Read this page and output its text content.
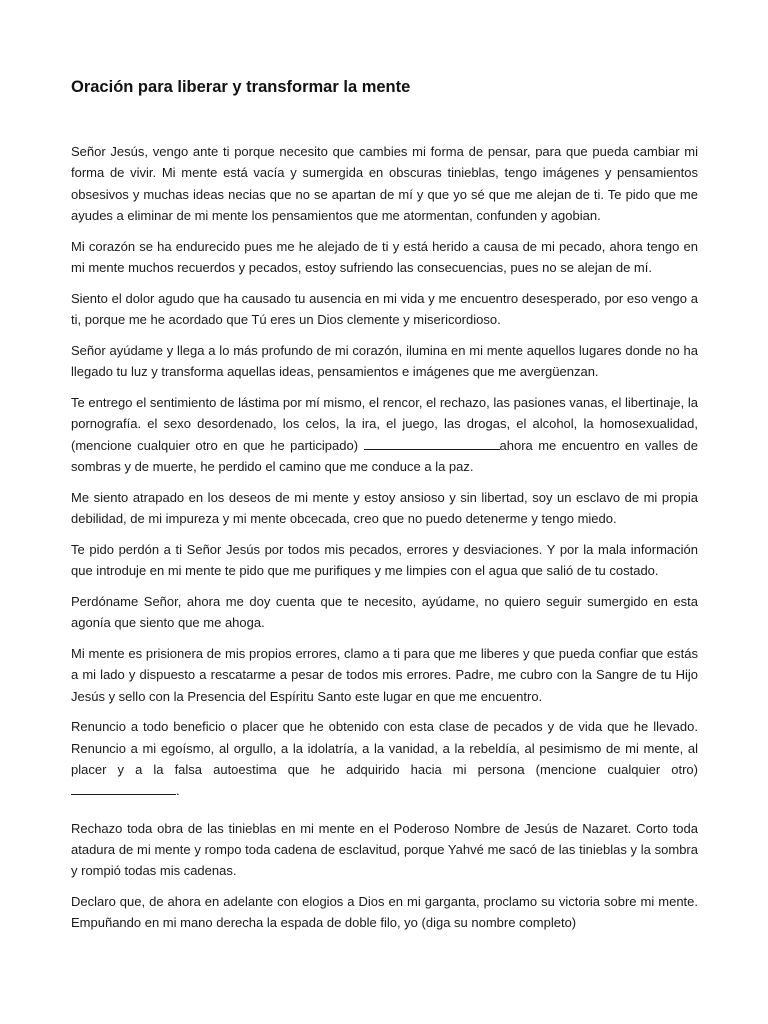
Oración para liberar y transformar la mente

Señor Jesús, vengo ante ti porque necesito que cambies mi forma de pensar, para que pueda cambiar mi forma de vivir. Mi mente está vacía y sumergida en obscuras tinieblas, tengo imágenes y pensamientos obsesivos y muchas ideas necias que no se apartan de mí y que yo sé que me alejan de ti. Te pido que me ayudes a eliminar de mi mente los pensamientos que me atormentan, confunden y agobian.

Mi corazón se ha endurecido pues me he alejado de ti y está herido a causa de mi pecado, ahora tengo en mi mente muchos recuerdos y pecados, estoy sufriendo las consecuencias, pues no se alejan de mí.

Siento el dolor agudo que ha causado tu ausencia en mi vida y me encuentro desesperado, por eso vengo a ti, porque me he acordado que Tú eres un Dios clemente y misericordioso.

Señor ayúdame y llega a lo más profundo de mi corazón, ilumina en mi mente aquellos lugares donde no ha llegado tu luz y transforma aquellas ideas, pensamientos e imágenes que me avergüenzan.

Te entrego el sentimiento de lástima por mí mismo, el rencor, el rechazo, las pasiones vanas, el libertinaje, la pornografía. el sexo desordenado, los celos, la ira, el juego, las drogas, el alcohol, la homosexualidad, (mencione cualquier otro en que he participado)	ahora me encuentro en valles de sombras y de muerte, he perdido el camino que me conduce a la paz.

Me siento atrapado en los deseos de mi mente y estoy ansioso y sin libertad, soy un esclavo de mi propia debilidad, de mi impureza y mi mente obcecada, creo que no puedo detenerme y tengo miedo.

Te pido perdón a ti Señor Jesús por todos mis pecados, errores y desviaciones. Y por la mala información que introduje en mi mente te pido que me purifiques y me limpies con el agua que salió de tu costado.

Perdóname Señor, ahora me doy cuenta que te necesito, ayúdame, no quiero seguir sumergido en esta agonía que siento que me ahoga.

Mi mente es prisionera de mis propios errores, clamo a ti para que me liberes y que pueda confiar que estás a mi lado y dispuesto a rescatarme a pesar de todos mis errores. Padre, me cubro con la Sangre de tu Hijo Jesús y sello con la Presencia del Espíritu Santo este lugar en que me encuentro.

Renuncio a todo beneficio o placer que he obtenido con esta clase de pecados y de vida que he llevado. Renuncio a mi egoísmo, al orgullo, a la idolatría, a la vanidad, a la rebeldía, al pesimismo de mi mente, al placer y a la falsa autoestima que he adquirido hacia mi persona (mencione cualquier otro) .

Rechazo toda obra de las tinieblas en mi mente en el Poderoso Nombre de Jesús de Nazaret. Corto toda atadura de mi mente y rompo toda cadena de esclavitud, porque Yahvé me sacó de las tinieblas y la sombra y rompió todas mis cadenas.

Declaro que, de ahora en adelante con elogios a Dios en mi garganta, proclamo su victoria sobre mi mente. Empuñando en mi mano derecha la espada de doble filo, yo (diga su nombre completo)
